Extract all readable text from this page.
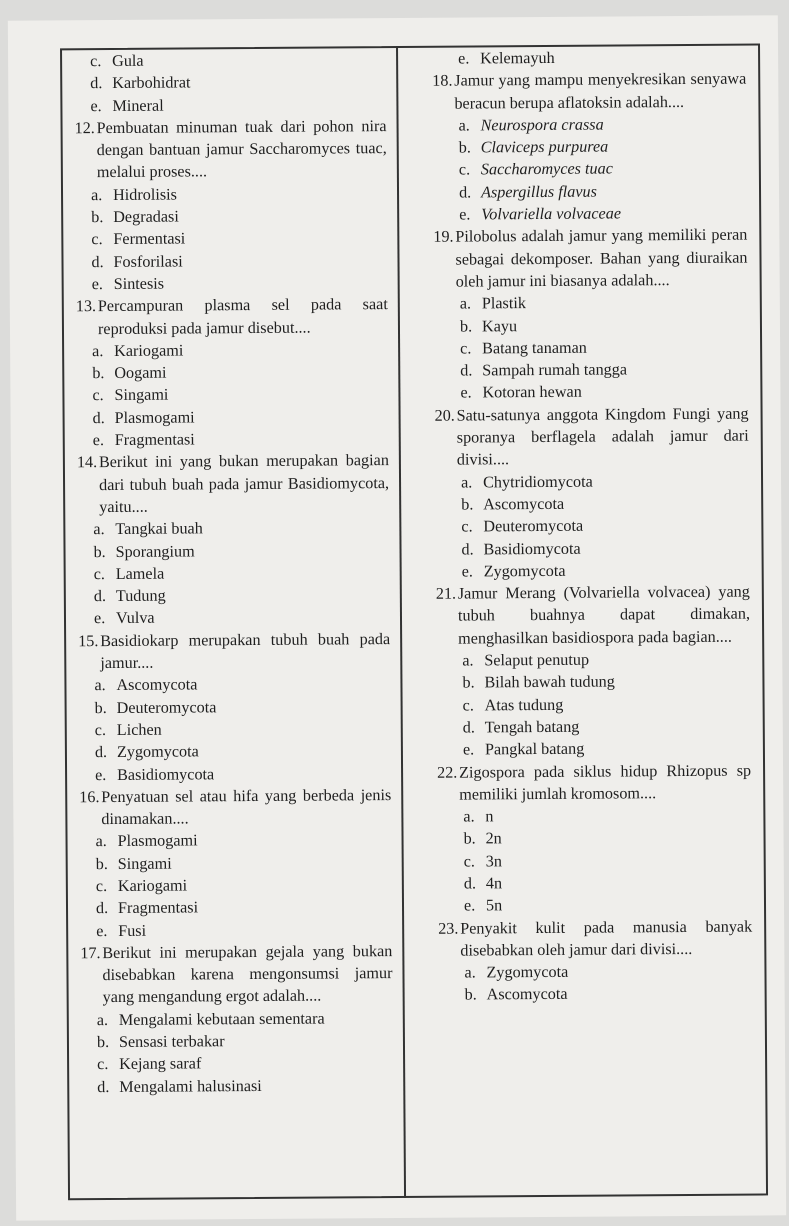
c. Gula
d. Karbohidrat
e. Mineral
12. Pembuatan minuman tuak dari pohon nira dengan bantuan jamur Saccharomyces tuac, melalui proses....
a. Hidrolisis
b. Degradasi
c. Fermentasi
d. Fosforilasi
e. Sintesis
13. Percampuran plasma sel pada saat reproduksi pada jamur disebut....
a. Kariogami
b. Oogami
c. Singami
d. Plasmogami
e. Fragmentasi
14. Berikut ini yang bukan merupakan bagian dari tubuh buah pada jamur Basidiomycota, yaitu....
a. Tangkai buah
b. Sporangium
c. Lamela
d. Tudung
e. Vulva
15. Basidiokarp merupakan tubuh buah pada jamur....
a. Ascomycota
b. Deuteromycota
c. Lichen
d. Zygomycota
e. Basidiomycota
16. Penyatuan sel atau hifa yang berbeda jenis dinamakan....
a. Plasmogami
b. Singami
c. Kariogami
d. Fragmentasi
e. Fusi
17. Berikut ini merupakan gejala yang bukan disebabkan karena mengonsumsi jamur yang mengandung ergot adalah....
a. Mengalami kebutaan sementara
b. Sensasi terbakar
c. Kejang saraf
d. Mengalami halusinasi
e. Kelemayuh
18. Jamur yang mampu menyekresikan senyawa beracun berupa aflatoksin adalah....
a. Neurospora crassa
b. Claviceps purpurea
c. Saccharomyces tuac
d. Aspergillus flavus
e. Volvariella volvaceae
19. Pilobolus adalah jamur yang memiliki peran sebagai dekomposer. Bahan yang diuraikan oleh jamur ini biasanya adalah....
a. Plastik
b. Kayu
c. Batang tanaman
d. Sampah rumah tangga
e. Kotoran hewan
20. Satu-satunya anggota Kingdom Fungi yang sporanya berflagela adalah jamur dari divisi....
a. Chytridiomycota
b. Ascomycota
c. Deuteromycota
d. Basidiomycota
e. Zygomycota
21. Jamur Merang (Volvariella volvacea) yang tubuh buahnya dapat dimakan, menghasilkan basidiospora pada bagian....
a. Selaput penutup
b. Bilah bawah tudung
c. Atas tudung
d. Tengah batang
e. Pangkal batang
22. Zigospora pada siklus hidup Rhizopus sp memiliki jumlah kromosom....
a. n
b. 2n
c. 3n
d. 4n
e. 5n
23. Penyakit kulit pada manusia banyak disebabkan oleh jamur dari divisi....
a. Zygomycota
b. Ascomycota
